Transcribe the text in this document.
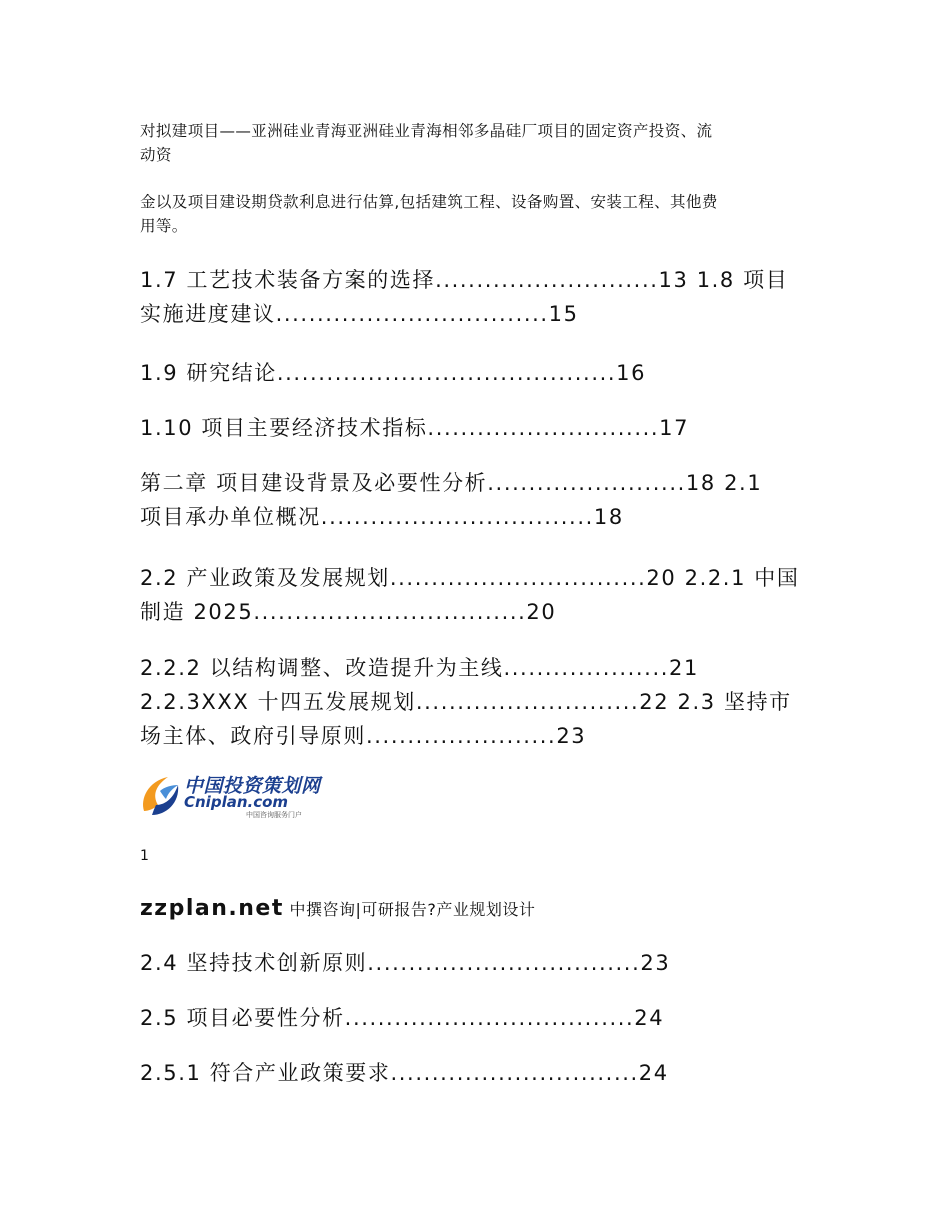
对拟建项目——亚洲硅业青海亚洲硅业青海相邻多晶硅厂项目的固定资产投资、流
动资
金以及项目建设期贷款利息进行估算,包括建筑工程、设备购置、安装工程、其他费
用等。
1.7 工艺技术装备方案的选择...........................13 1.8 项目
实施进度建议.................................15
1.9 研究结论.........................................16
1.10 项目主要经济技术指标............................17
第二章 项目建设背景及必要性分析........................18 2.1
项目承办单位概况.................................18
2.2 产业政策及发展规划...............................20 2.2.1 中国
制造 2025.................................20
2.2.2 以结构调整、改造提升为主线....................21
2.2.3XXX 十四五发展规划...........................22 2.3 坚持市
场主体、政府引导原则.......................23
中国投资策划网
Cniplan.com
中国咨询服务门户
1
zzplan.net 中撰咨询|可研报告?产业规划设计
2.4 坚持技术创新原则.................................23
2.5 项目必要性分析...................................24
2.5.1 符合产业政策要求..............................24
